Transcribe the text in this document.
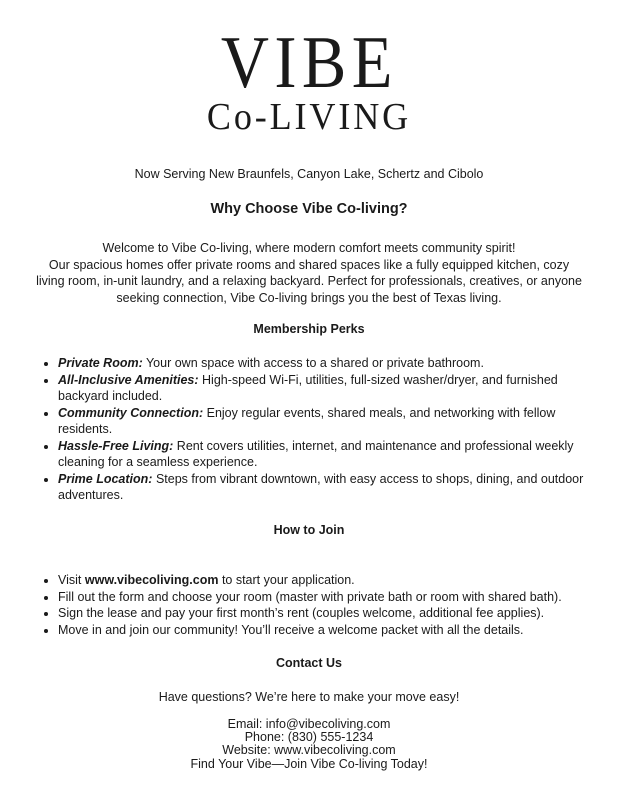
VIBE
Co-LIVING
Now Serving New Braunfels, Canyon Lake, Schertz and Cibolo
Why Choose Vibe Co-living?
Welcome to Vibe Co-living, where modern comfort meets community spirit!
Our spacious homes offer private rooms and shared spaces like a fully equipped kitchen, cozy living room, in-unit laundry, and a relaxing backyard. Perfect for professionals, creatives, or anyone seeking connection, Vibe Co-living brings you the best of Texas living.
Membership Perks
• Private Room: Your own space with access to a shared or private bathroom.
• All-Inclusive Amenities: High-speed Wi-Fi, utilities, full-sized washer/dryer, and furnished backyard included.
• Community Connection: Enjoy regular events, shared meals, and networking with fellow residents.
• Hassle-Free Living: Rent covers utilities, internet, and maintenance and professional weekly cleaning for a seamless experience.
• Prime Location: Steps from vibrant downtown, with easy access to shops, dining, and outdoor adventures.
How to Join
• Visit www.vibecoliving.com to start your application.
• Fill out the form and choose your room (master with private bath or room with shared bath).
• Sign the lease and pay your first month’s rent (couples welcome, additional fee applies).
• Move in and join our community! You’ll receive a welcome packet with all the details.
Contact Us
Have questions? We’re here to make your move easy!
Email: info@vibecoliving.com
Phone: (830) 555-1234
Website: www.vibecoliving.com
Find Your Vibe—Join Vibe Co-living Today!
